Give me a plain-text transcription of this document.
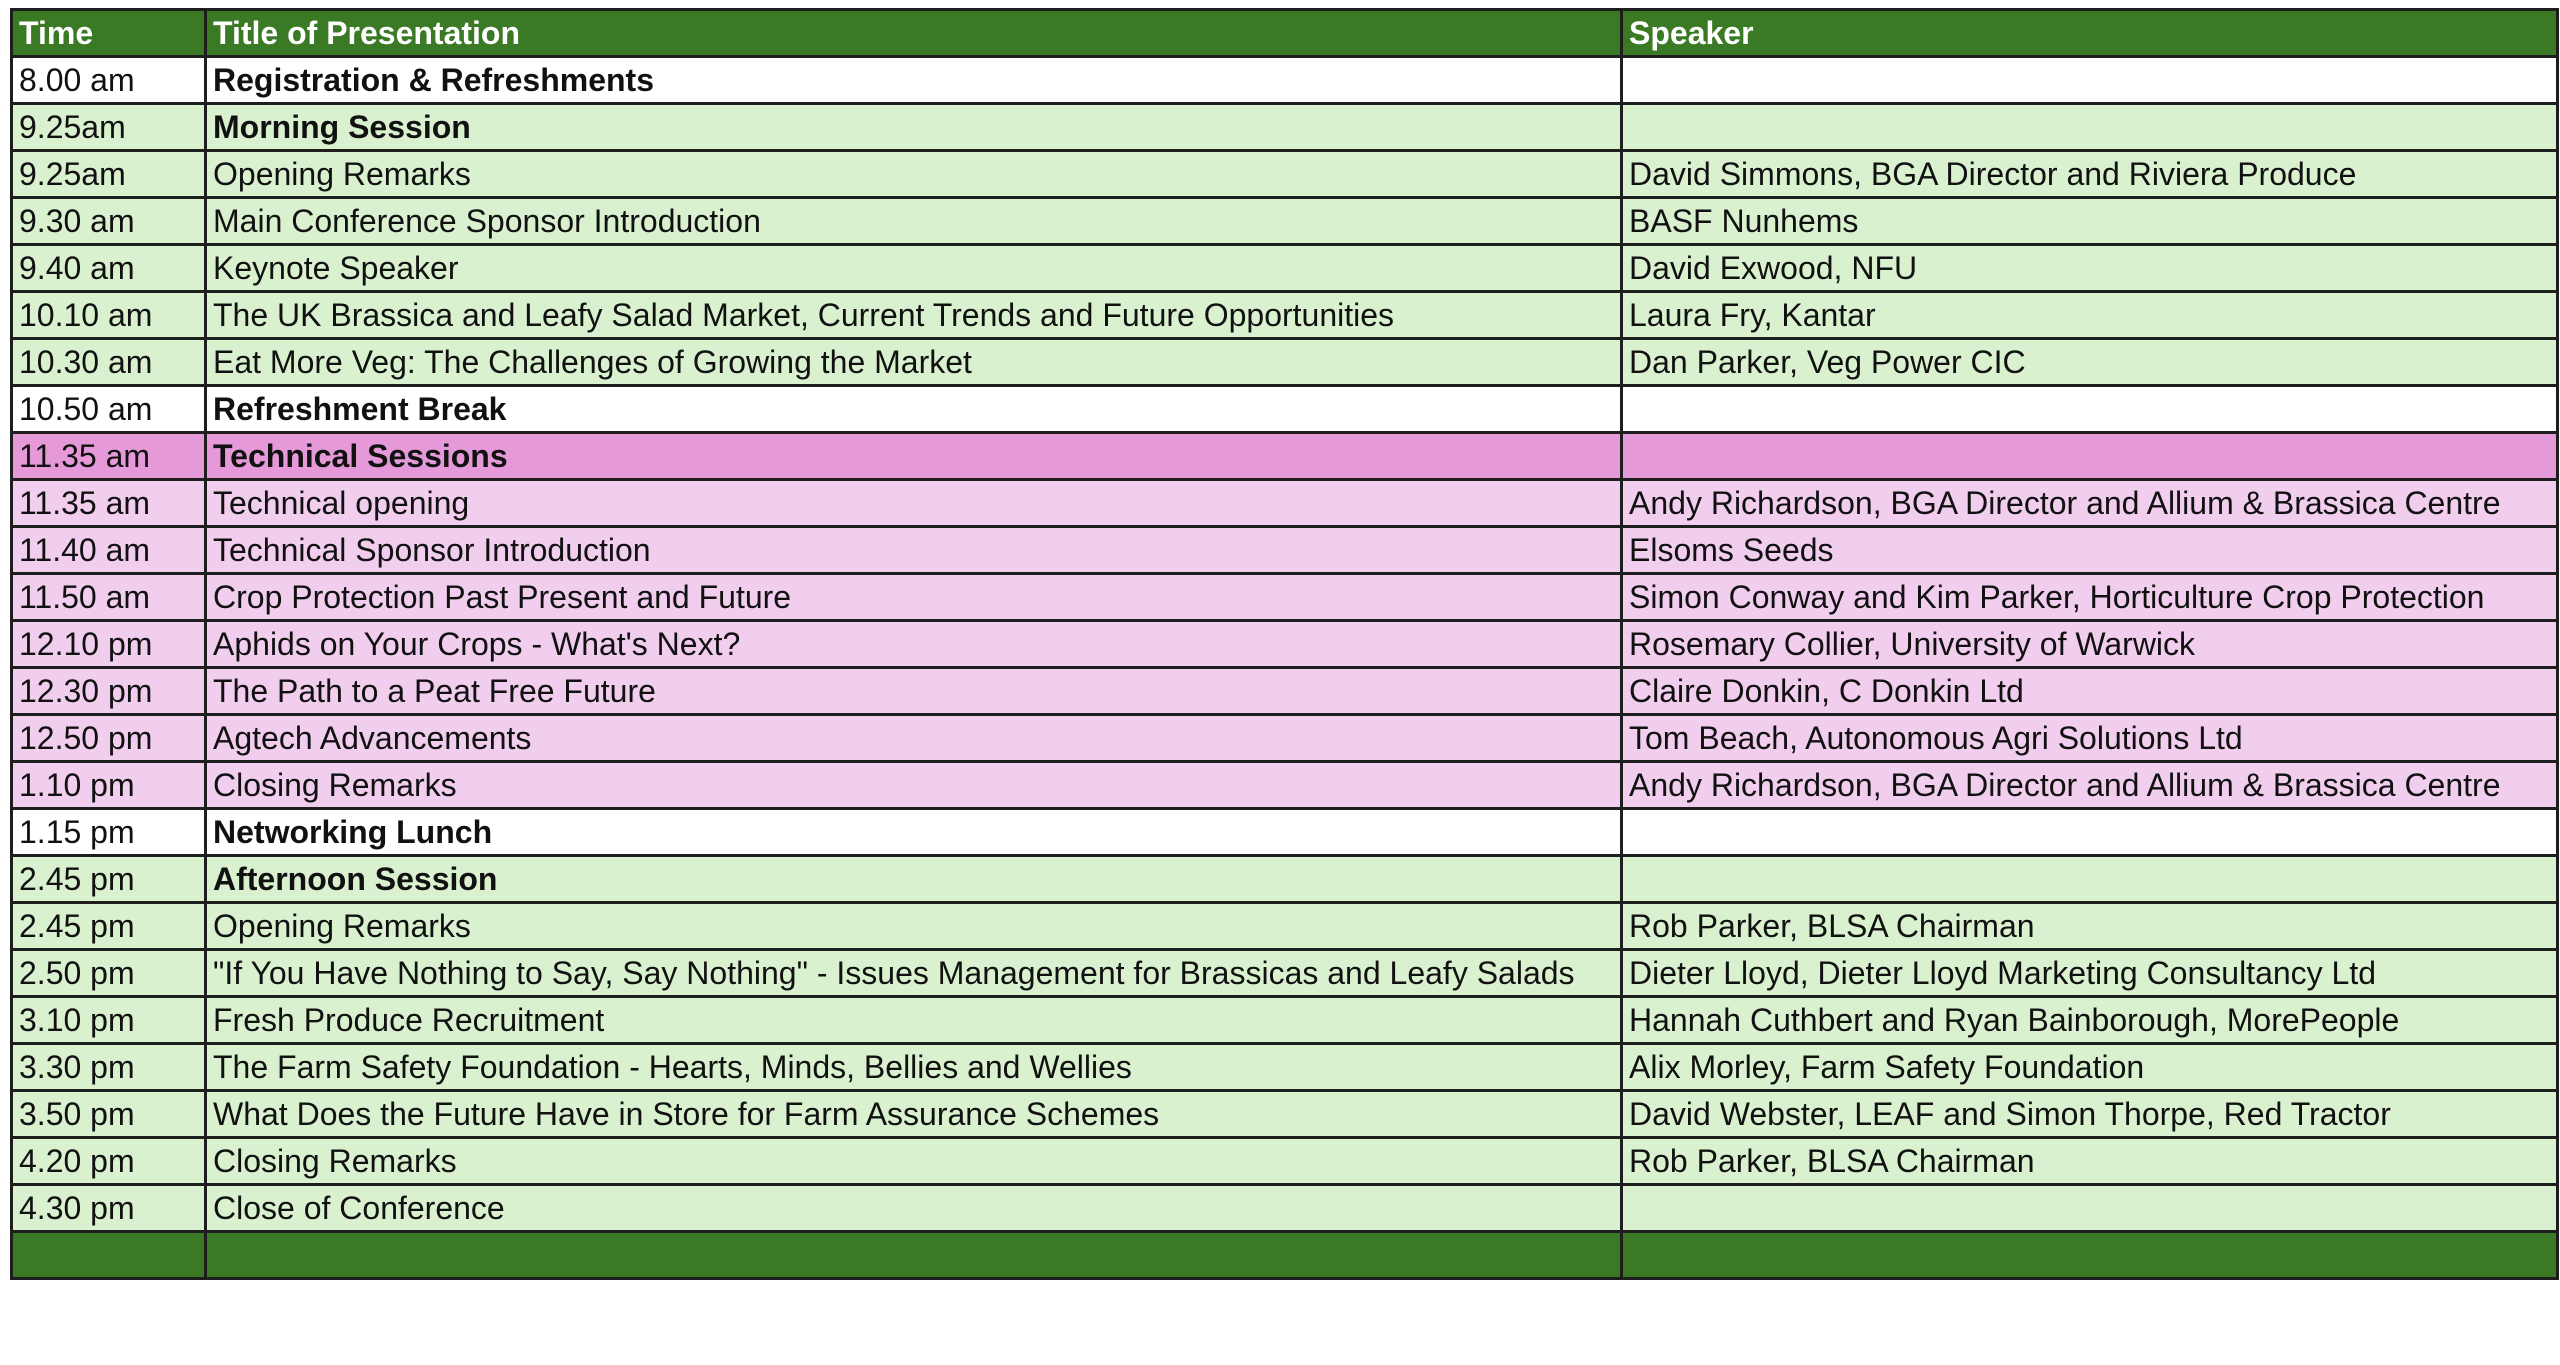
Time	Title of Presentation	Speaker
8.00 am	Registration & Refreshments	
9.25am	Morning Session	
9.25am	Opening Remarks	David Simmons, BGA Director and Riviera Produce
9.30 am	Main Conference Sponsor Introduction	BASF Nunhems
9.40 am	Keynote Speaker	David Exwood, NFU
10.10 am	The UK Brassica and Leafy Salad Market, Current Trends and Future Opportunities	Laura Fry, Kantar
10.30 am	Eat More Veg: The Challenges of Growing the Market	Dan Parker, Veg Power CIC
10.50 am	Refreshment Break	
11.35 am	Technical Sessions	
11.35 am	Technical opening	Andy Richardson, BGA Director and Allium & Brassica Centre
11.40 am	Technical Sponsor Introduction	Elsoms Seeds
11.50 am	Crop Protection Past Present and Future	Simon Conway and Kim Parker, Horticulture Crop Protection
12.10 pm	Aphids on Your Crops - What's Next?	Rosemary Collier, University of Warwick
12.30 pm	The Path to a Peat Free Future	Claire Donkin, C Donkin Ltd
12.50 pm	Agtech Advancements	Tom Beach, Autonomous Agri Solutions Ltd
1.10 pm	Closing Remarks	Andy Richardson, BGA Director and Allium & Brassica Centre
1.15 pm	Networking Lunch	
2.45 pm	Afternoon Session	
2.45 pm	Opening Remarks	Rob Parker, BLSA Chairman
2.50 pm	"If You Have Nothing to Say, Say Nothing" - Issues Management for Brassicas and Leafy Salads	Dieter Lloyd, Dieter Lloyd Marketing Consultancy Ltd
3.10 pm	Fresh Produce Recruitment	Hannah Cuthbert and Ryan Bainborough, MorePeople
3.30 pm	The Farm Safety Foundation - Hearts, Minds, Bellies and Wellies	Alix Morley, Farm Safety Foundation
3.50 pm	What Does the Future Have in Store for Farm Assurance Schemes	David Webster, LEAF and Simon Thorpe, Red Tractor
4.20 pm	Closing Remarks	Rob Parker, BLSA Chairman
4.30 pm	Close of Conference	
